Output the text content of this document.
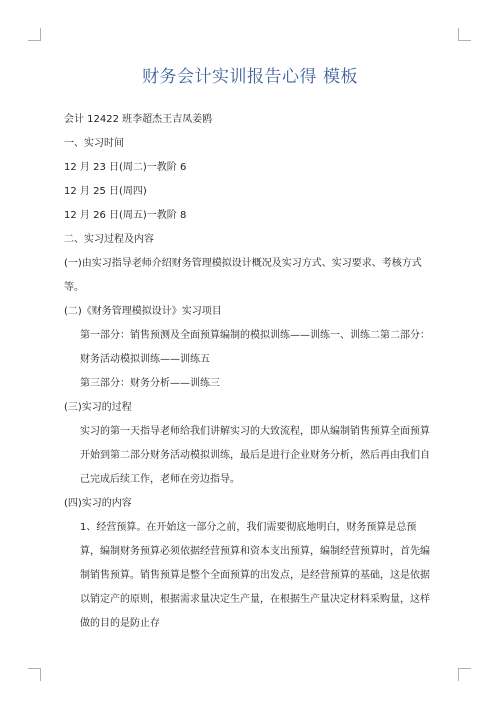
财务会计实训报告心得 模板

会计 12422 班李超杰王吉凤姜鸥

一、实习时间

12 月 23 日(周二)一教阶 6

12 月 25 日(周四)

12 月 26 日(周五)一教阶 8

二、实习过程及内容

(一)由实习指导老师介绍财务管理模拟设计概况及实习方式、实习要求、考核方式等。

(二)《财务管理模拟设计》实习项目

第一部分：销售预测及全面预算编制的模拟训练——训练一、训练二第二部分：财务活动模拟训练——训练五

第三部分：财务分析——训练三

(三)实习的过程

实习的第一天指导老师给我们讲解实习的大致流程，即从编制销售预算全面预算开始到第二部分财务活动模拟训练，最后是进行企业财务分析，然后再由我们自己完成后续工作，老师在旁边指导。

(四)实习的内容

1、经营预算。在开始这一部分之前，我们需要彻底地明白，财务预算是总预算，编制财务预算必须依据经营预算和资本支出预算，编制经营预算时，首先编制销售预算。销售预算是整个全面预算的出发点，是经营预算的基础，这是依据以销定产的原则，根据需求量决定生产量，在根据生产量决定材料采购量，这样做的目的是防止存
